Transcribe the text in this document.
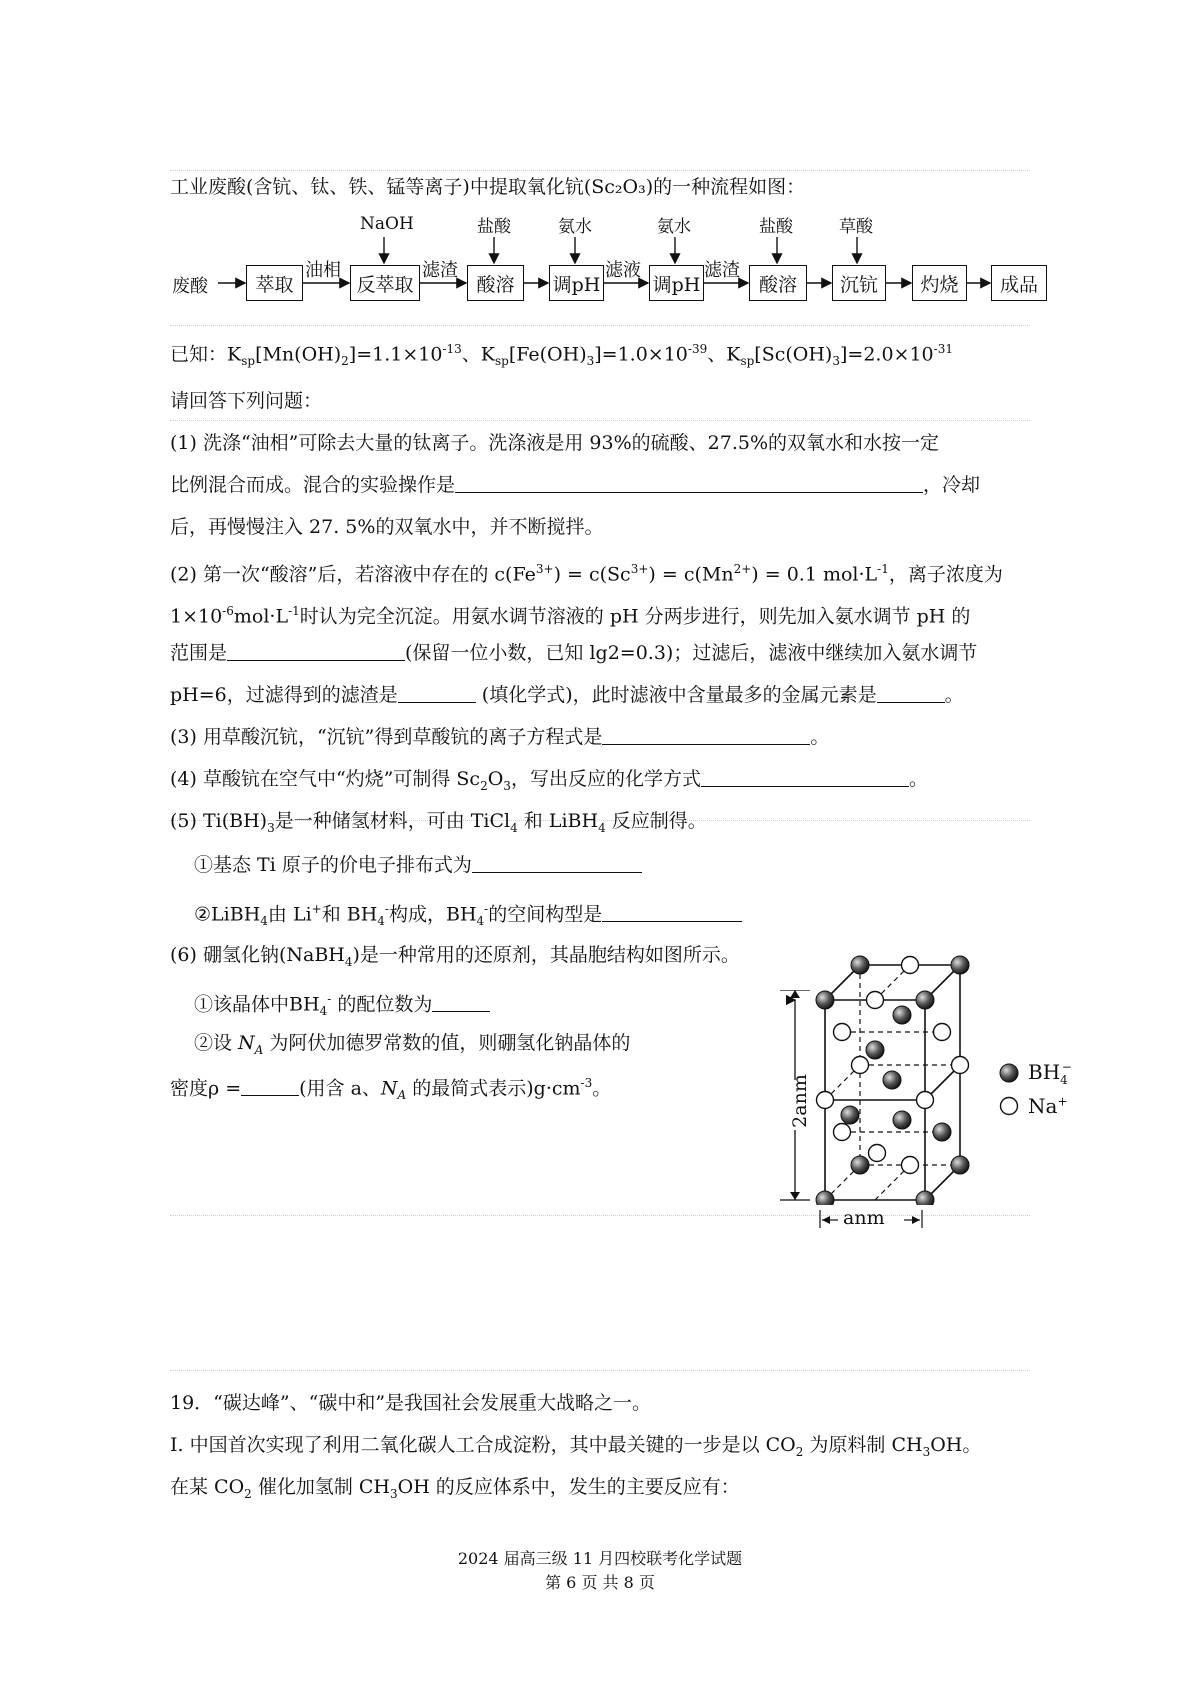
工业废酸(含钪、钛、铁、锰等离子)中提取氧化钪(Sc₂O₃)的一种流程如图：
废酸	萃取	反萃取	酸溶	调pH	调pH	酸溶	沉钪	灼烧	成品
油相	滤渣	滤液	滤渣
NaOH	盐酸	氨水	氨水	盐酸	草酸
已知：$K_{sp}[Mn(OH)_2]=1.1\times 10^{-13}$、$K_{sp}[Fe(OH)_3]=1.0\times 10^{-39}$、$K_{sp}[Sc(OH)_3]=2.0\times 10^{-31}$
请回答下列问题：
(1) 洗涤“油相”可除去大量的钛离子。洗涤液是用 93%的硫酸、27.5%的双氧水和水按一定
比例混合而成。混合的实验操作是	，冷却
后，再慢慢注入 27. 5%的双氧水中，并不断搅拌。
(2) 第一次“酸溶”后，若溶液中存在的 $c(Fe^{3+}) = c(Sc^{3+}) = c(Mn^{2+}) = 0.1$ $mol\cdot L^{-1}$，离子浓度为
$1\times 10^{-6}mol\cdot L^{-1}$时认为完全沉淀。用氨水调节溶液的 pH 分两步进行，则先加入氨水调节 pH 的
范围是	(保留一位小数，已知 lg2=0.3)；过滤后，滤液中继续加入氨水调节
pH=6，过滤得到的滤渣是	(填化学式)，此时滤液中含量最多的金属元素是	。
(3) 用草酸沉钪，“沉钪”得到草酸钪的离子方程式是	。
(4) 草酸钪在空气中“灼烧”可制得 $Sc_2O_3$，写出反应的化学方式	。
(5) $Ti(BH)_3$是一种储氢材料，可由 TiCl$_4$ 和 LiBH$_4$ 反应制得。
①基态 Ti 原子的价电子排布式为
②LiBH$_4$由 Li+和 $BH_4^-$构成，$BH_4^-$的空间构型是
(6) 硼氢化钠(NaBH$_4$)是一种常用的还原剂，其晶胞结构如图所示。
①该晶体中$BH_4^-$ 的配位数为
②设 $N_A$ 为阿伏加德罗常数的值，则硼氢化钠晶体的
密度ρ =	(用含 a、$N_A$ 的最简式表示)$g\cdot cm^{-3}$。	2anm
anm
$BH_4^-$
Na+
19．“碳达峰”、“碳中和”是我国社会发展重大战略之一。
I. 中国首次实现了利用二氧化碳人工合成淀粉，其中最关键的一步是以 $CO_2$ 为原料制 $CH_3OH$。
在某 $CO_2$ 催化加氢制 $CH_3OH$ 的反应体系中，发生的主要反应有：
2024 届高三级 11 月四校联考化学试题
第 6 页 共 8 页
